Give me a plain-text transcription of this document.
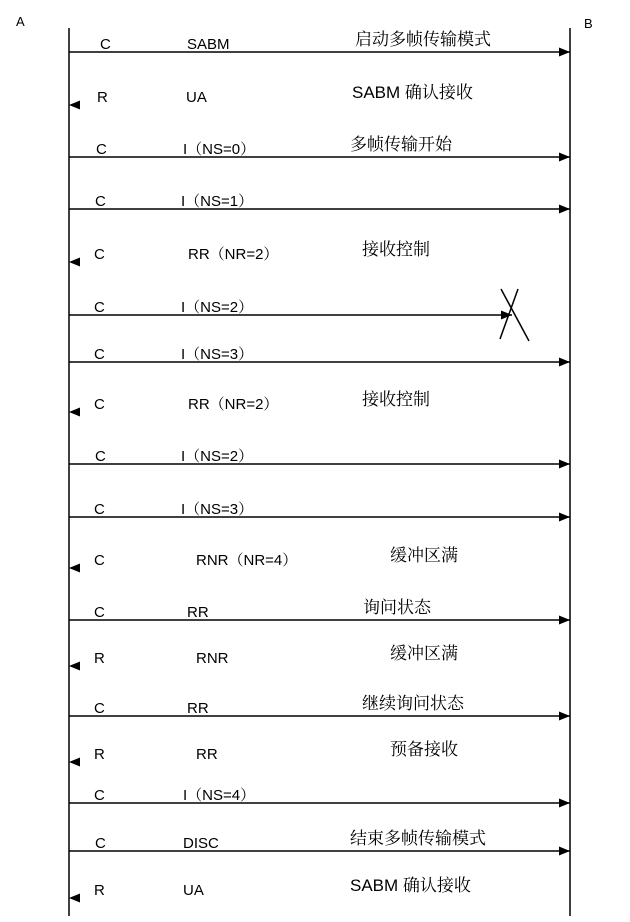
A	B
C	SABM	启动多帧传输模式
R	UA	SABM 确认接收
C	I（NS=0）	多帧传输开始
C	I（NS=1）
C	RR（NR=2）	接收控制
C	I（NS=2）
C	I（NS=3）
C	RR（NR=2）	接收控制
C	I（NS=2）
C	I（NS=3）
C	RNR（NR=4）	缓冲区满
C	RR	询问状态
R	RNR	缓冲区满
C	RR	继续询问状态
R	RR	预备接收
C	I（NS=4）
C	DISC	结束多帧传输模式
R	UA	SABM 确认接收
